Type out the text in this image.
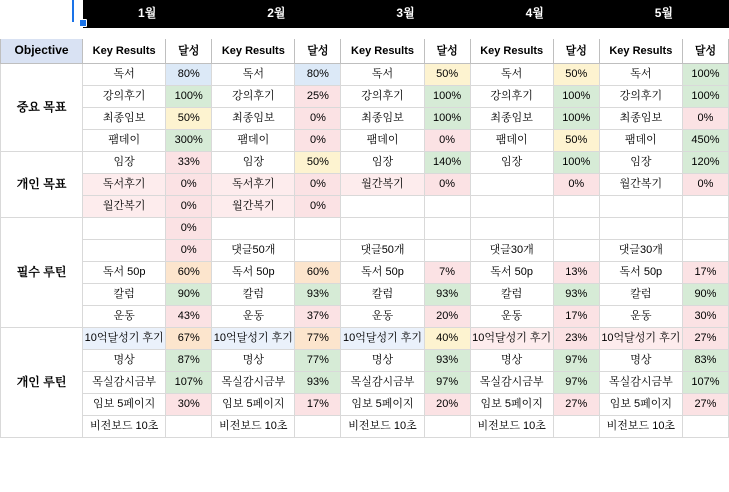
	1월		2월		3월		4월		5월	

Objective	Key Results	달성	Key Results	달성	Key Results	달성	Key Results	달성	Key Results	달성
중요 목표	독서	80%	독서	80%	독서	50%	독서	50%	독서	100%
	강의후기	100%	강의후기	25%	강의후기	100%	강의후기	100%	강의후기	100%
	최종임보	50%	최종임보	0%	최종임보	100%	최종임보	100%	최종임보	0%
	팸데이	300%	팸데이	0%	팸데이	0%	팸데이	50%	팸데이	450%
개인 목표	임장	33%	임장	50%	임장	140%	임장	100%	임장	120%
	독서후기	0%	독서후기	0%	월간복기	0%		0%	월간복기	0%
	월간복기	0%	월간복기	0%						
필수 루틴		0%								
		0%	댓글50개		댓글50개		댓글30개		댓글30개	
	독서 50p	60%	독서 50p	60%	독서 50p	7%	독서 50p	13%	독서 50p	17%
	칼럼	90%	칼럼	93%	칼럼	93%	칼럼	93%	칼럼	90%
	운동	43%	운동	37%	운동	20%	운동	17%	운동	30%
개인 루틴	10억달성기 후기	67%	10억달성기 후기	77%	10억달성기 후기	40%	10억달성기 후기	23%	10억달성기 후기	27%
	명상	87%	명상	77%	명상	93%	명상	97%	명상	83%
	목실감시금부	107%	목실감시금부	93%	목실감시금부	97%	목실감시금부	97%	목실감시금부	107%
	임보 5페이지	30%	임보 5페이지	17%	임보 5페이지	20%	임보 5페이지	27%	임보 5페이지	27%
	비전보드 10초		비전보드 10초		비전보드 10초		비전보드 10초		비전보드 10초	
